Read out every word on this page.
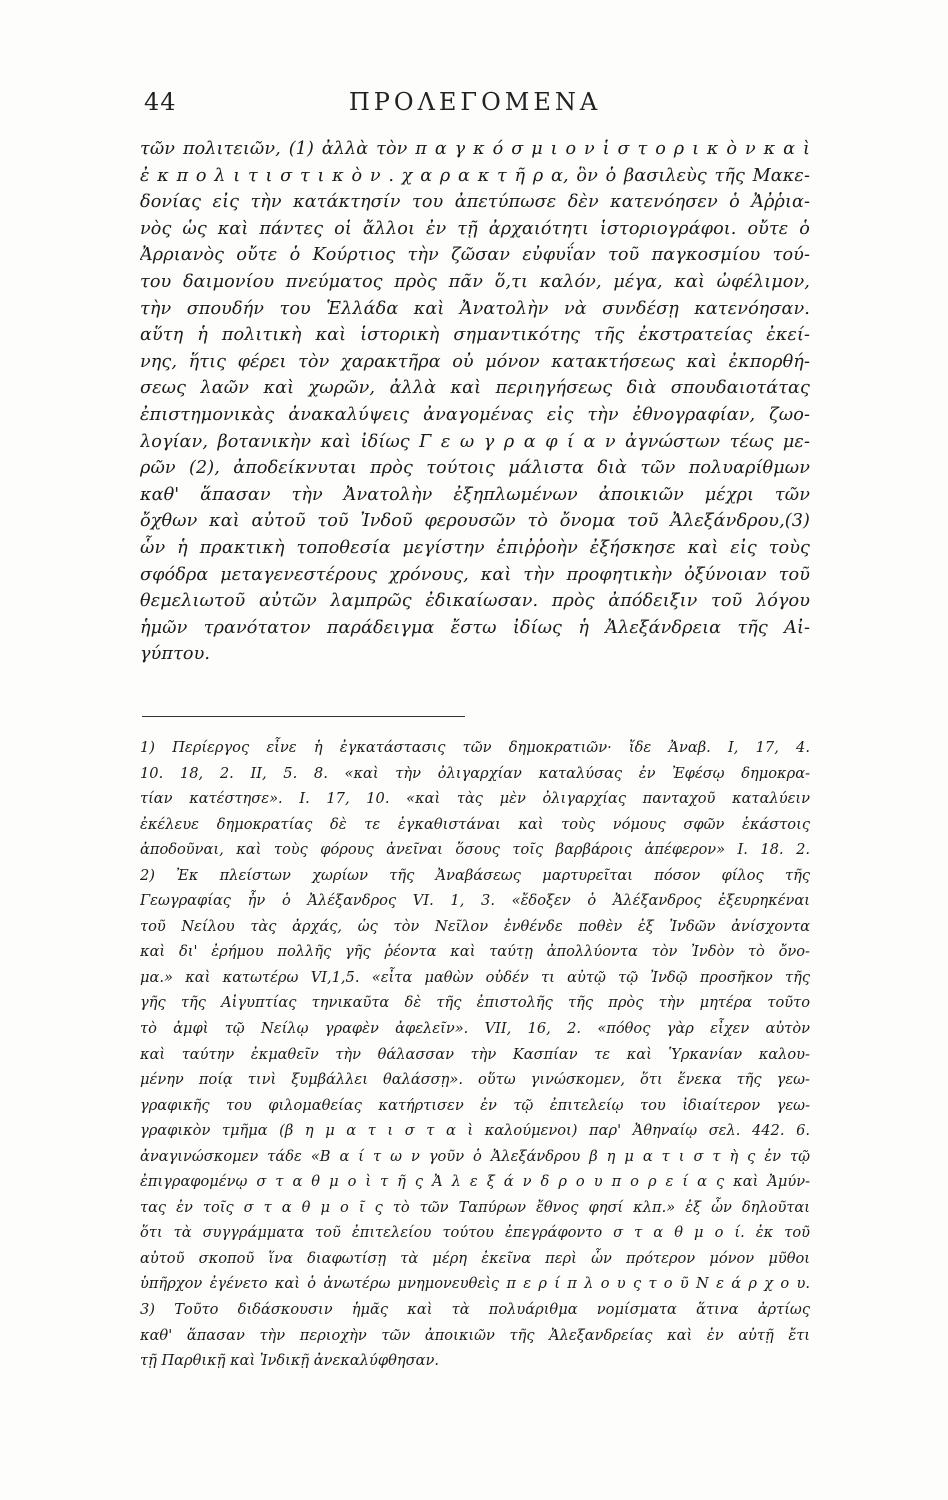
44	ΠΡΟΛΕΓΟΜΕΝΑ
τῶν πολιτειῶν, (1) ἀλλὰ τὸν π α γ κ ό σ μ ι ο ν ἱ σ τ ο ρ ι κ ὸ ν κ α ὶ
ἐ κ π ο λ ι τ ι σ τ ι κ ὸ ν . χ α ρ α κ τ ῆ ρ α, ὃν ὁ βασιλεὺς τῆς Μακε-
δονίας εἰς τὴν κατάκτησίν του ἀπετύπωσε δὲν κατενόησεν ὁ Ἀῤῥια-
νὸς ὡς καὶ πάντες οἱ ἄλλοι ἐν τῇ ἀρχαιότητι ἱστοριογράφοι. οὔτε ὁ
Ἀρριανὸς οὔτε ὁ Κούρτιος τὴν ζῶσαν εὐφυΐαν τοῦ παγκοσμίου τού-
του δαιμονίου πνεύματος πρὸς πᾶν ὅ,τι καλόν, μέγα, καὶ ὠφέλιμον,
τὴν σπουδήν του Ἑλλάδα καὶ Ἀνατολὴν νὰ συνδέσῃ κατενόησαν.
αὕτη ἡ πολιτικὴ καὶ ἱστορικὴ σημαντικότης τῆς ἐκστρατείας ἐκεί-
νης, ἥτις φέρει τὸν χαρακτῆρα οὐ μόνον κατακτήσεως καὶ ἐκπορθή-
σεως λαῶν καὶ χωρῶν, ἀλλὰ καὶ περιηγήσεως διὰ σπουδαιοτάτας
ἐπιστημονικὰς ἀνακαλύψεις ἀναγομένας εἰς τὴν ἐθνογραφίαν, ζωο-
λογίαν, βοτανικὴν καὶ ἰδίως Γ ε ω γ ρ α φ ί α ν ἀγνώστων τέως με-
ρῶν (2), ἀποδείκνυται πρὸς τούτοις μάλιστα διὰ τῶν πολυαρίθμων
καθ' ἅπασαν τὴν Ἀνατολὴν ἐξηπλωμένων ἀποικιῶν μέχρι τῶν
ὄχθων καὶ αὐτοῦ τοῦ Ἰνδοῦ φερουσῶν τὸ ὄνομα τοῦ Ἀλεξάνδρου,(3)
ὧν ἡ πρακτικὴ τοποθεσία μεγίστην ἐπιῤῥοὴν ἐξήσκησε καὶ εἰς τοὺς
σφόδρα μεταγενεστέρους χρόνους, καὶ τὴν προφητικὴν ὀξύνοιαν τοῦ
θεμελιωτοῦ αὐτῶν λαμπρῶς ἐδικαίωσαν. πρὸς ἀπόδειξιν τοῦ λόγου
ἡμῶν τρανότατον παράδειγμα ἔστω ἰδίως ἡ Ἀλεξάνδρεια τῆς Αἰ-
γύπτου.
1) Περίεργος εἶνε ἡ ἐγκατάστασις τῶν δημοκρατιῶν· ἴδε Ἀναβ. I, 17, 4.
10. 18, 2. II, 5. 8. «καὶ τὴν ὀλιγαρχίαν καταλύσας ἐν Ἐφέσῳ δημοκρα-
τίαν κατέστησε». I. 17, 10. «καὶ τὰς μὲν ὀλιγαρχίας πανταχοῦ καταλύειν
ἐκέλευε δημοκρατίας δὲ τε ἐγκαθιστάναι καὶ τοὺς νόμους σφῶν ἑκάστοις
ἀποδοῦναι, καὶ τοὺς φόρους ἀνεῖναι ὅσους τοῖς βαρβάροις ἀπέφερον» I. 18. 2.
2) Ἐκ πλείστων χωρίων τῆς Ἀναβάσεως μαρτυρεῖται πόσον φίλος τῆς
Γεωγραφίας ἦν ὁ Ἀλέξανδρος VI. 1, 3. «ἔδοξεν ὁ Ἀλέξανδρος ἐξευρηκέναι
τοῦ Νείλου τὰς ἀρχάς, ὡς τὸν Νεῖλον ἐνθένδε ποθὲν ἐξ Ἰνδῶν ἀνίσχοντα
καὶ δι' ἐρήμου πολλῆς γῆς ῥέοντα καὶ ταύτῃ ἀπολλύοντα τὸν Ἰνδὸν τὸ ὄνο-
μα.» καὶ κατωτέρω VI,1,5. «εἶτα μαθὼν οὐδέν τι αὐτῷ τῷ Ἰνδῷ προσῆκον τῆς
γῆς τῆς Αἰγυπτίας τηνικαῦτα δὲ τῆς ἐπιστολῆς τῆς πρὸς τὴν μητέρα τοῦτο
τὸ ἀμφὶ τῷ Νείλῳ γραφὲν ἀφελεῖν». VII, 16, 2. «πόθος γὰρ εἶχεν αὐτὸν
καὶ ταύτην ἐκμαθεῖν τὴν θάλασσαν τὴν Κασπίαν τε καὶ Ὑρκανίαν καλου-
μένην ποίᾳ τινὶ ξυμβάλλει θαλάσσῃ». οὕτω γινώσκομεν, ὅτι ἕνεκα τῆς γεω-
γραφικῆς του φιλομαθείας κατήρτισεν ἐν τῷ ἐπιτελείῳ του ἰδιαίτερον γεω-
γραφικὸν τμῆμα (β η μ α τ ι σ τ α ὶ καλούμενοι) παρ' Ἀθηναίῳ σελ. 442. 6.
ἀναγινώσκομεν τάδε «Β α ί τ ω ν γοῦν ὁ Ἀλεξάνδρου β η μ α τ ι σ τ ὴ ς ἐν τῷ
ἐπιγραφομένῳ σ τ α θ μ ο ὶ τ ῆ ς Ἀ λ ε ξ ά ν δ ρ ο υ π ο ρ ε ί α ς καὶ Ἀμύν-
τας ἐν τοῖς σ τ α θ μ ο ῖ ς τὸ τῶν Ταπύρων ἔθνος φησί κλπ.» ἐξ ὧν δηλοῦται
ὅτι τὰ συγγράμματα τοῦ ἐπιτελείου τούτου ἐπεγράφοντο σ τ α θ μ ο ί. ἐκ τοῦ
αὐτοῦ σκοποῦ ἵνα διαφωτίσῃ τὰ μέρη ἐκεῖνα περὶ ὧν πρότερον μόνον μῦθοι
ὑπῆρχον ἐγένετο καὶ ὁ ἀνωτέρω μνημονευθεὶς π ε ρ ί π λ ο υ ς τ ο ῦ Ν ε ά ρ χ ο υ.
3) Τοῦτο διδάσκουσιν ἡμᾶς καὶ τὰ πολυάριθμα νομίσματα ἅτινα ἀρτίως
καθ' ἅπασαν τὴν περιοχὴν τῶν ἀποικιῶν τῆς Ἀλεξανδρείας καὶ ἐν αὐτῇ ἔτι
τῇ Παρθικῇ καὶ Ἰνδικῇ ἀνεκαλύφθησαν.
